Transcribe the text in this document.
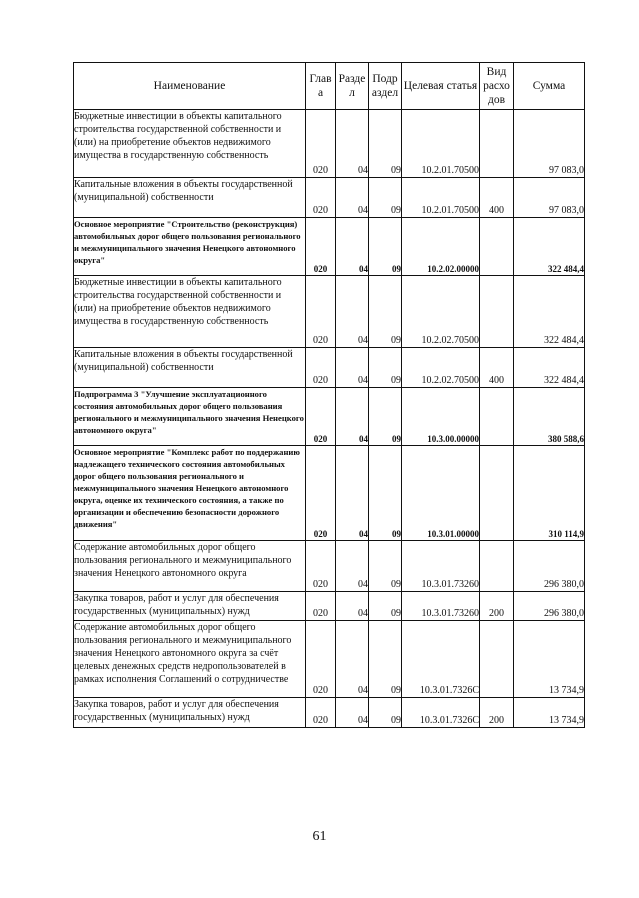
Наименование	Глав а	Разде л	Подр аздел	Целевая статья	Вид расхо дов	Сумма
Бюджетные инвестиции в объекты капитального строительства государственной собственности и (или) на приобретение объектов недвижимого имущества в государственную собственность	020	04	09	10.2.01.70500		97 083,0
Капитальные вложения в объекты государственной (муниципальной) собственности	020	04	09	10.2.01.70500	400	97 083,0
Основное мероприятие "Строительство (реконструкция) автомобильных дорог общего пользования регионального и межмуниципального значения Ненецкого автономного округа"	020	04	09	10.2.02.00000		322 484,4
Бюджетные инвестиции в объекты капитального строительства государственной собственности и (или) на приобретение объектов недвижимого имущества в государственную собственность	020	04	09	10.2.02.70500		322 484,4
Капитальные вложения в объекты государственной (муниципальной) собственности	020	04	09	10.2.02.70500	400	322 484,4
Подпрограмма 3 "Улучшение эксплуатационного состояния автомобильных дорог общего пользования регионального и межмуниципального значения Ненецкого автономного округа"	020	04	09	10.3.00.00000		380 588,6
Основное мероприятие "Комплекс работ по поддержанию надлежащего технического состояния автомобильных дорог общего пользования регионального и межмуниципального значения Ненецкого автономного округа, оценке их технического состояния, а также по организации и обеспечению безопасности дорожного движения"	020	04	09	10.3.01.00000		310 114,9
Содержание автомобильных дорог общего пользования регионального и межмуниципального значения Ненецкого автономного округа	020	04	09	10.3.01.73260		296 380,0
Закупка товаров, работ и услуг для обеспечения государственных (муниципальных) нужд	020	04	09	10.3.01.73260	200	296 380,0
Содержание автомобильных дорог общего пользования регионального и межмуниципального значения Ненецкого автономного округа за счёт целевых денежных средств недропользователей в рамках исполнения Соглашений о сотрудничестве	020	04	09	10.3.01.7326С		13 734,9
Закупка товаров, работ и услуг для обеспечения государственных (муниципальных) нужд	020	04	09	10.3.01.7326С	200	13 734,9
61
